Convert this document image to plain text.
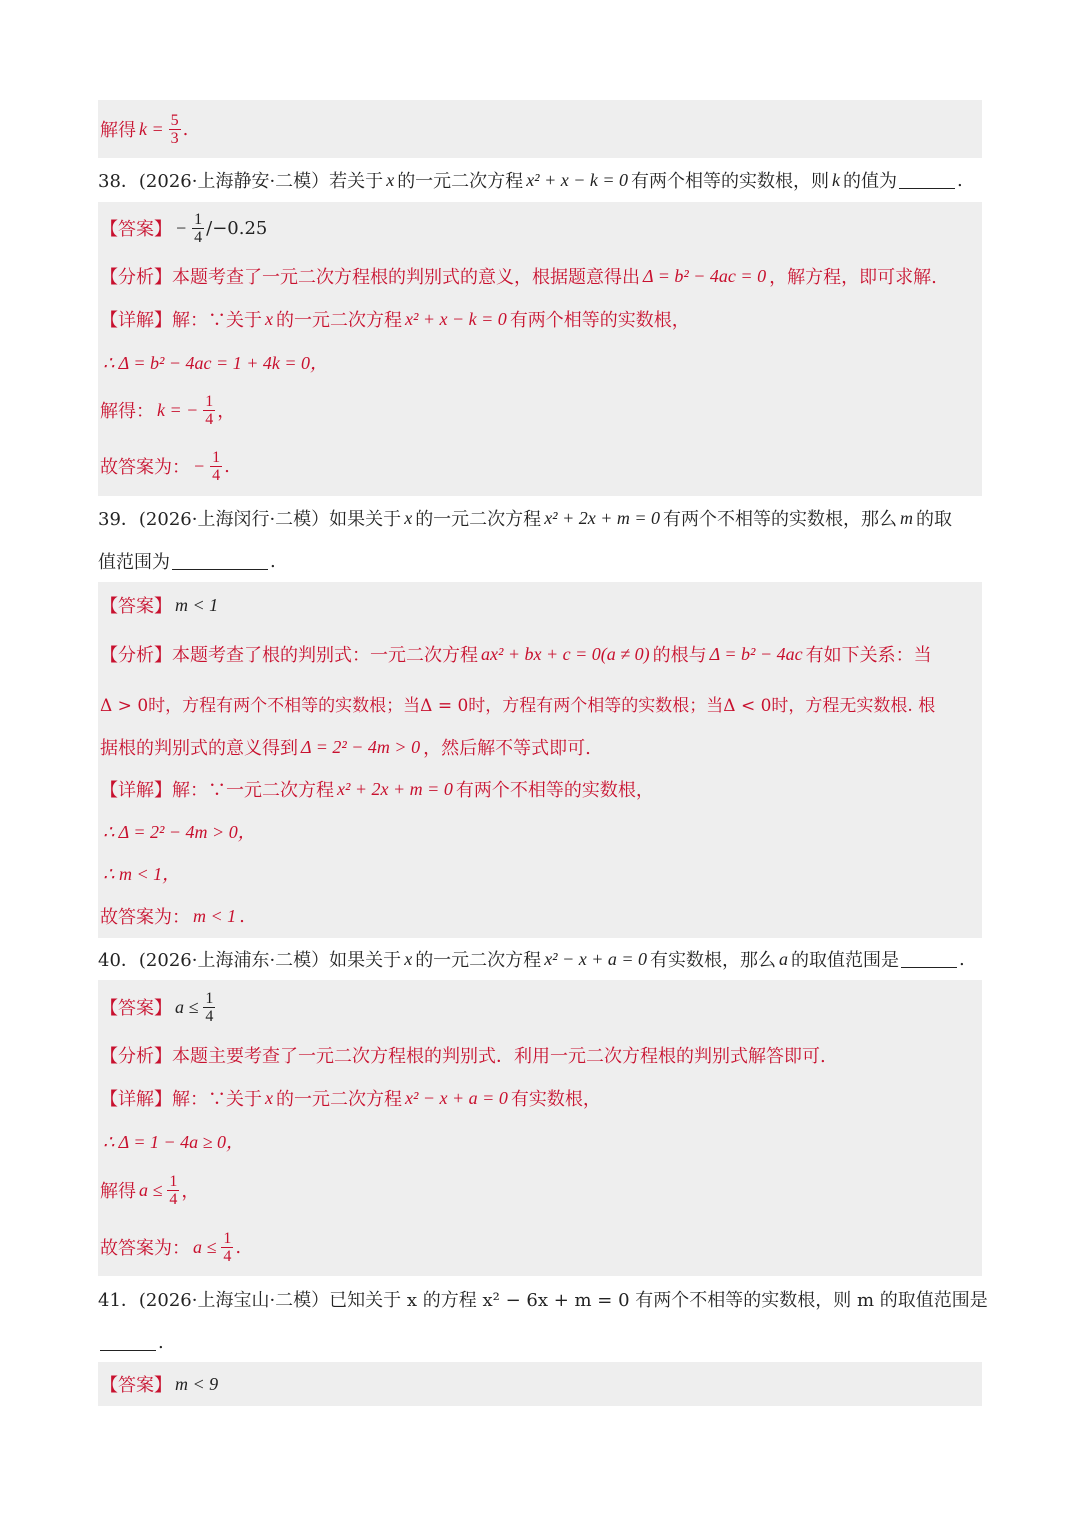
解得 $k = \frac{5}{3}$ .
38．(2026·上海静安·二模）若关于 x 的一元二次方程 x² + x − k = 0 有两个相等的实数根，则 k 的值为	.
【答案】 − $\frac{1}{4} /-0.25$
【分析】 本题考查了一元二次方程根的判别式的意义，根据题意得出 Δ = b² − 4ac = 0 ，解方程，即可求解.
【详解】 解：∵关于 x 的一元二次方程 x² + x − k = 0 有两个相等的实数根，
∴ Δ = b² − 4ac = 1 + 4k = 0，
解得： k = − $\frac{1}{4}$ ，
故答案为： − $\frac{1}{4}$ .
39．(2026·上海闵行·二模）如果关于 x 的一元二次方程 x² + 2x + m = 0 有两个不相等的实数根，那么 m 的取
值范围为	.
【答案】 m < 1
【分析】 本题考查了根的判别式：一元二次方程 ax² + bx + c = 0(a ≠ 0) 的根与 Δ = b² − 4ac 有如下关系：当
Δ > 0时，方程有两个不相等的实数根；当Δ = 0时，方程有两个相等的实数根；当Δ < 0时，方程无实数根. 根
据根的判别式的意义得到 Δ = 2² − 4m > 0 ，然后解不等式即可.
【详解】 解：∵一元二次方程 x² + 2x + m = 0 有两个不相等的实数根，
∴ Δ = 2² − 4m > 0，
∴ m < 1，
故答案为： m < 1 .
40．(2026·上海浦东·二模）如果关于 x 的一元二次方程 x² − x + a = 0 有实数根，那么 a 的取值范围是	.
【答案】 $a \le \frac{1}{4}$
【分析】 本题主要考查了一元二次方程根的判别式．利用一元二次方程根的判别式解答即可.
【详解】 解：∵关于 x 的一元二次方程 x² − x + a = 0 有实数根，
∴ Δ = 1 − 4a ≥ 0，
解得 $a \le \frac{1}{4}$ ，
故答案为： $a \le \frac{1}{4}$ .
41．(2026·上海宝山·二模）已知关于 x 的方程 x² − 6x + m = 0 有两个不相等的实数根，则 m 的取值范围是
.
【答案】 m < 9
